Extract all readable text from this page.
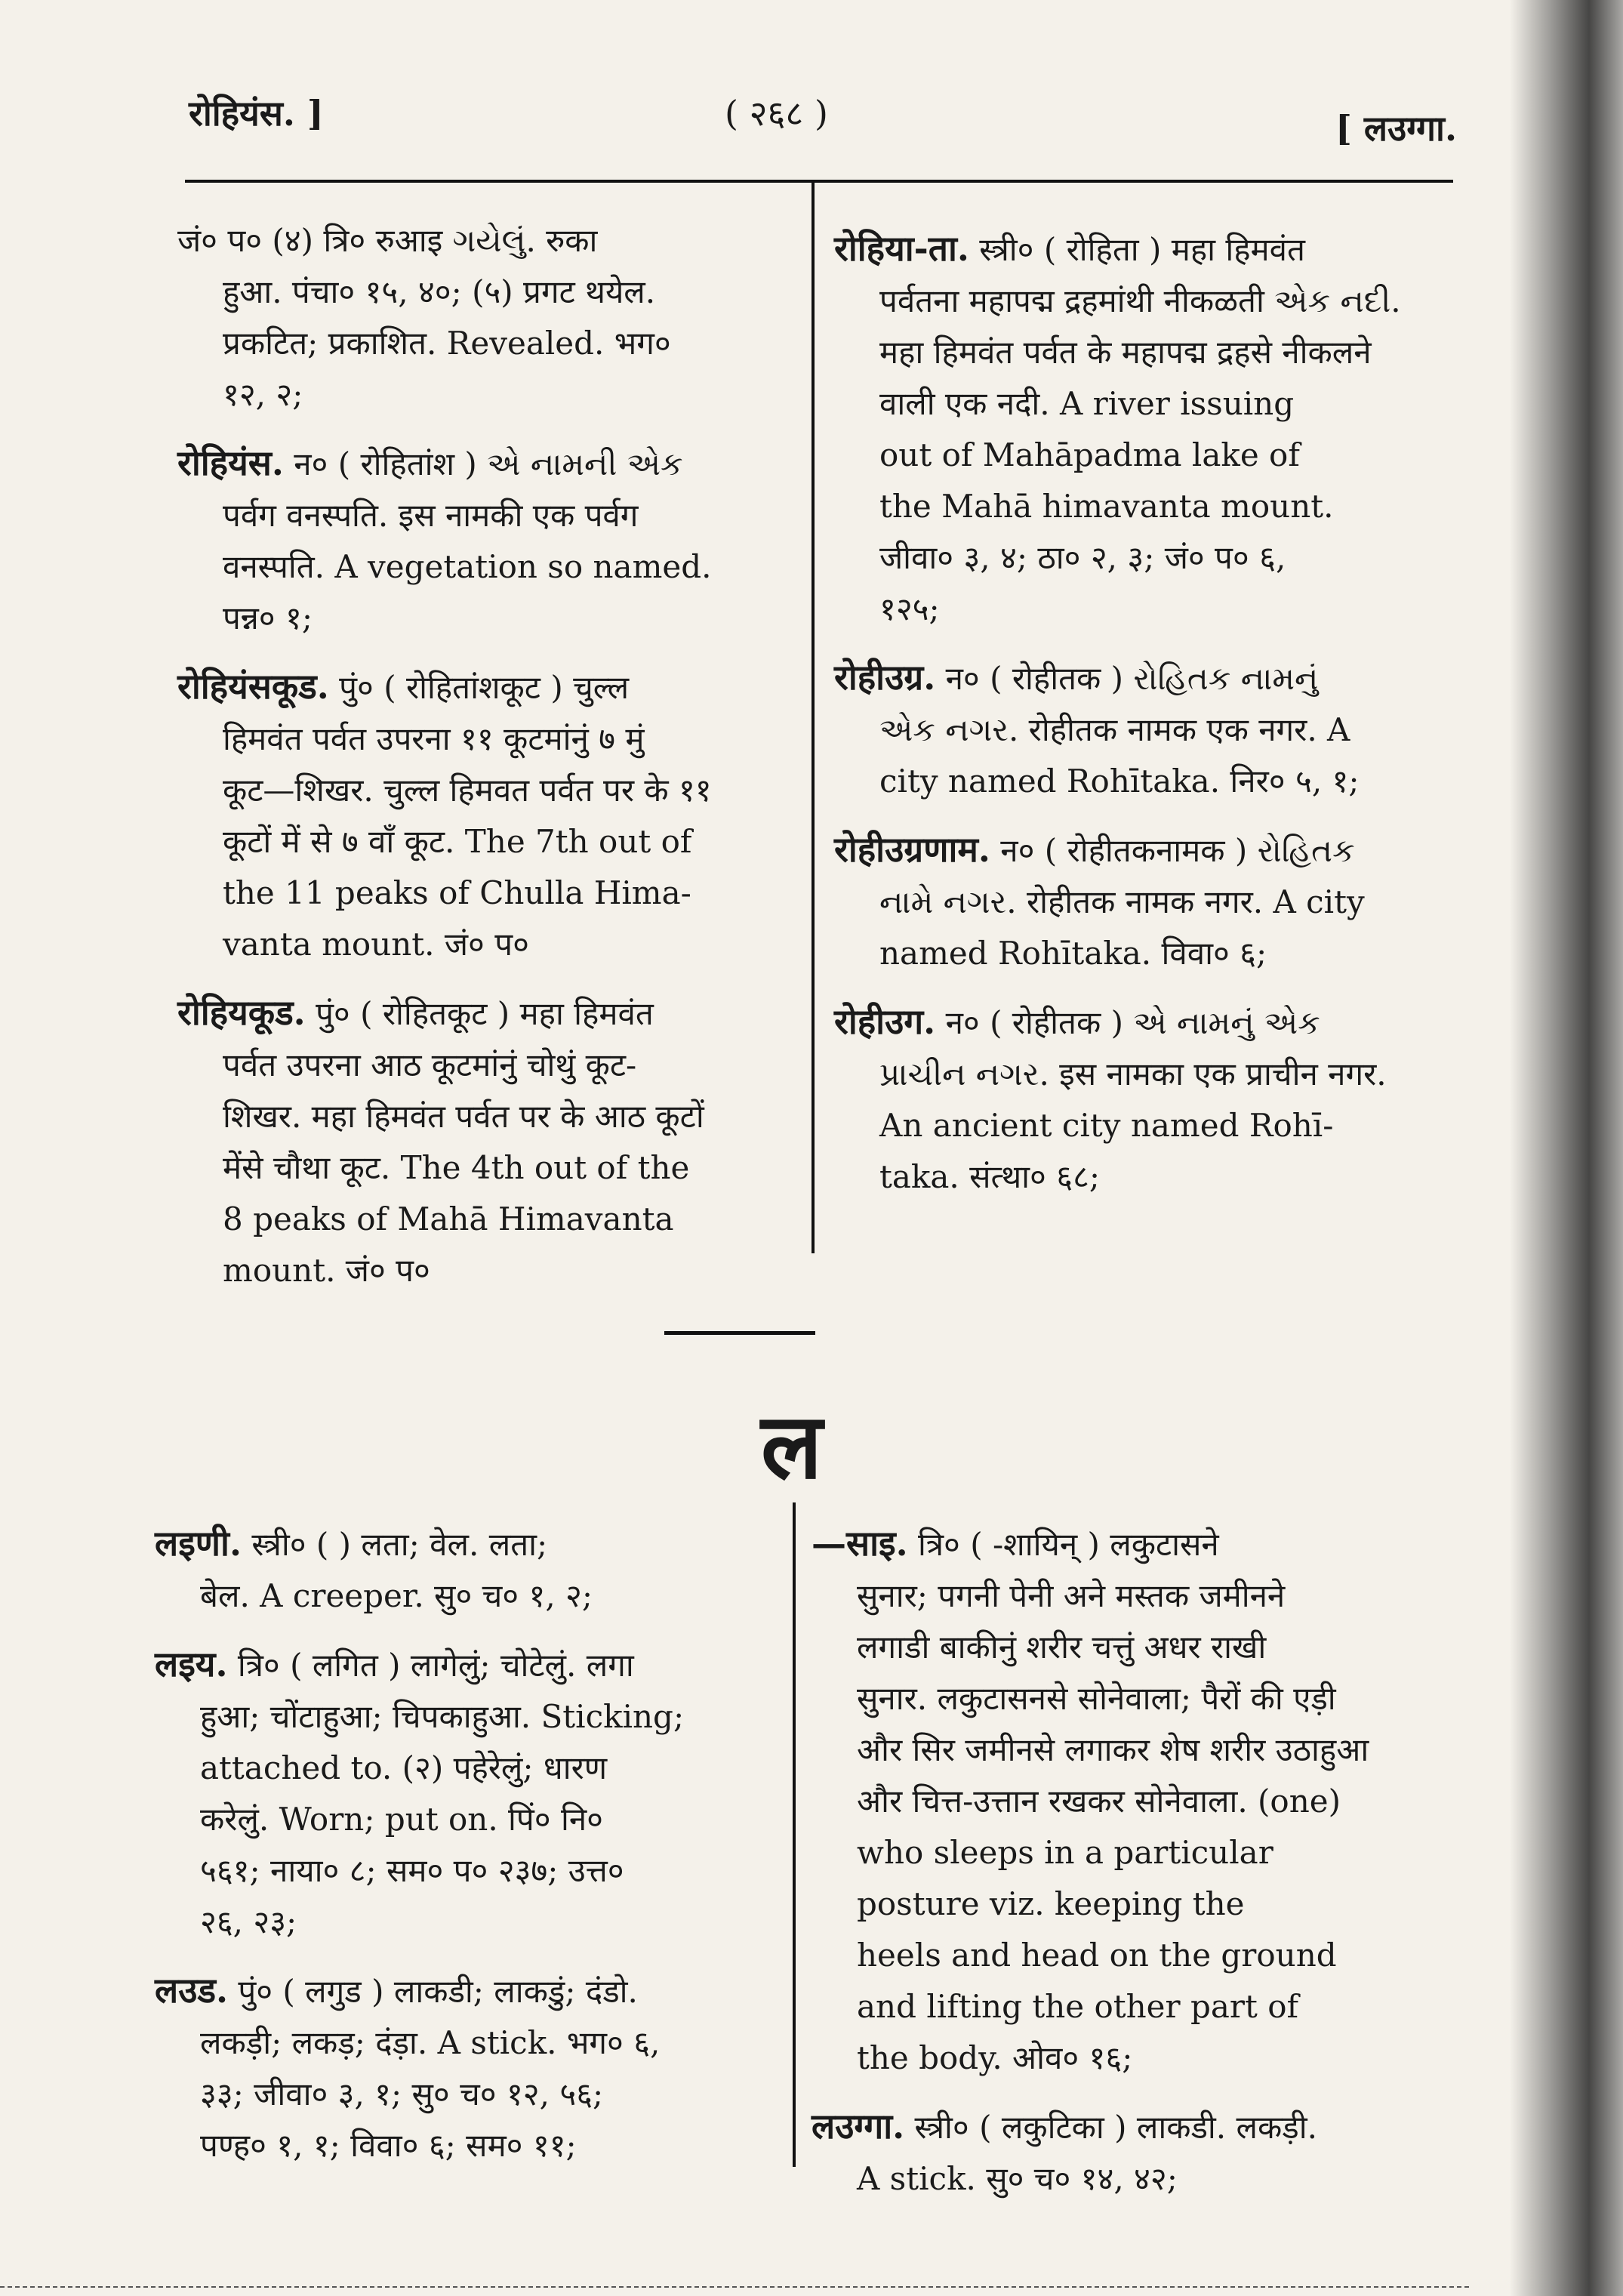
रोहियंस. ]	( २६८ )	[ लउग्गा.

जं० प० (४) त्रि० रुआइ ગયેલું. रुका

हुआ. पंचा० १५, ४०; (५) प्रगट थयेल.

प्रकटित; प्रकाशित. Revealed. भग०

१२, २;

रोहियंस. न० ( रोहितांश ) એ નામની એક

पर्वग वनस्पति. इस नामकी एक पर्वग

वनस्पति. A vegetation so named.

पन्न० १;

रोहियंसकूड. पुं० ( रोहितांशकूट ) चुल्ल

हिमवंत पर्वत उपरना ११ कूटमांनुं ७ मुं

कूट—शिखर. चुल्ल हिमवत पर्वत पर के ११

कूटों में से ७ वाँ कूट. The 7th out of

the 11 peaks of Chulla Hima-

vanta mount. जं० प०

रोहियकूड. पुं० ( रोहितकूट ) महा हिमवंत

पर्वत उपरना आठ कूटमांनुं चोथुं कूट-

शिखर. महा हिमवंत पर्वत पर के आठ कूटों

मेंसे चौथा कूट. The 4th out of the

8 peaks of Mahā Himavanta

mount. जं० प०

रोहिया-ता. स्त्री० ( रोहिता ) महा हिमवंत

पर्वतना महापद्म द्रहमांथी नीकळती એક નદી.

महा हिमवंत पर्वत के महापद्म द्रहसे नीकलने

वाली एक नदी. A river issuing

out of Mahāpadma lake of

the Mahā himavanta mount.

जीवा० ३, ४; ठा० २, ३; जं० प० ६,

१२५;

रोहीउग्र. न० ( रोहीतक ) રોહિતક નામનું

એક નગર. रोहीतक नामक एक नगर. A

city named Rohītaka. निर० ५, १;

रोहीउग्रणाम. न० ( रोहीतकनामक ) રોહિતક

નામે નગર. रोहीतक नामक नगर. A city

named Rohītaka. विवा० ६;

रोहीउग. न० ( रोहीतक ) એ નામનું એક

પ્રાચીન નગર. इस नामका एक प्राचीन नगर.

An ancient city named Rohī-

taka. संत्था० ६८;

ल

लइणी. स्त्री० ( ) लता; वेल. लता;

बेल. A creeper. सु० च० १, २;

लइय. त्रि० ( लगित ) लागेलुं; चोटेलुं. लगा

हुआ; चोंटाहुआ; चिपकाहुआ. Sticking;

attached to. (२) पहेरेलुं; धारण

करेलुं. Worn; put on. पिं० नि०

५६१; नाया० ८; सम० प० २३७; उत्त०

२६, २३;

लउड. पुं० ( लगुड ) लाकडी; लाकडुं; दंडो.

लकड़ी; लकड़; दंड़ा. A stick. भग० ६,

३३; जीवा० ३, १; सु० च० १२, ५६;

पण्ह० १, १; विवा० ६; सम० ११;

—साइ. त्रि० ( -शायिन् ) लकुटासने

सुनार; पगनी पेनी अने मस्तक जमीनने

लगाडी बाकीनुं शरीर चत्तुं अधर राखी

सुनार. लकुटासनसे सोनेवाला; पैरों की एड़ी

और सिर जमीनसे लगाकर शेष शरीर उठाहुआ

और चित्त-उत्तान रखकर सोनेवाला. (one)

who sleeps in a particular

posture viz. keeping the

heels and head on the ground

and lifting the other part of

the body. ओव० १६;

लउग्गा. स्त्री० ( लकुटिका ) लाकडी. लकड़ी.

A stick. सु० च० १४, ४२;
